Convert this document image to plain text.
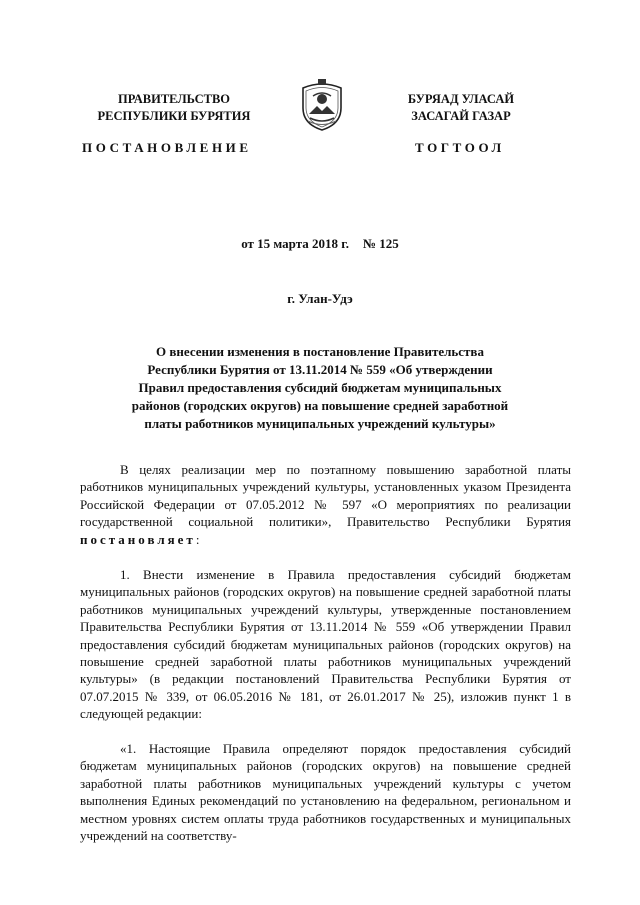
ПРАВИТЕЛЬСТВО
РЕСПУБЛИКИ БУРЯТИЯ
БУРЯАД УЛАСАЙ
ЗАСАГАЙ ГАЗАР
ПОСТАНОВЛЕНИЕ	ТОГТООЛ
от 15 марта 2018 г. № 125
г. Улан-Удэ
О внесении изменения в постановление Правительства
Республики Бурятия от 13.11.2014 № 559 «Об утверждении
Правил предоставления субсидий бюджетам муниципальных
районов (городских округов) на повышение средней заработной
платы работников муниципальных учреждений культуры»
В целях реализации мер по поэтапному повышению заработной платы работников муниципальных учреждений культуры, установленных указом Президента Российской Федерации от 07.05.2012 № 597 «О мероприятиях по реализации государственной социальной политики», Правительство Республики Бурятия постановляет:
1. Внести изменение в Правила предоставления субсидий бюджетам муниципальных районов (городских округов) на повышение средней заработной платы работников муниципальных учреждений культуры, утвержденные постановлением Правительства Республики Бурятия от 13.11.2014 № 559 «Об утверждении Правил предоставления субсидий бюджетам муниципальных районов (городских округов) на повышение средней заработной платы работников муниципальных учреждений культуры» (в редакции постановлений Правительства Республики Бурятия от 07.07.2015 № 339, от 06.05.2016 № 181, от 26.01.2017 № 25), изложив пункт 1 в следующей редакции:
«1. Настоящие Правила определяют порядок предоставления субсидий бюджетам муниципальных районов (городских округов) на повышение средней заработной платы работников муниципальных учреждений культуры с учетом выполнения Единых рекомендаций по установлению на федеральном, региональном и местном уровнях систем оплаты труда работников государственных и муниципальных учреждений на соответству-
